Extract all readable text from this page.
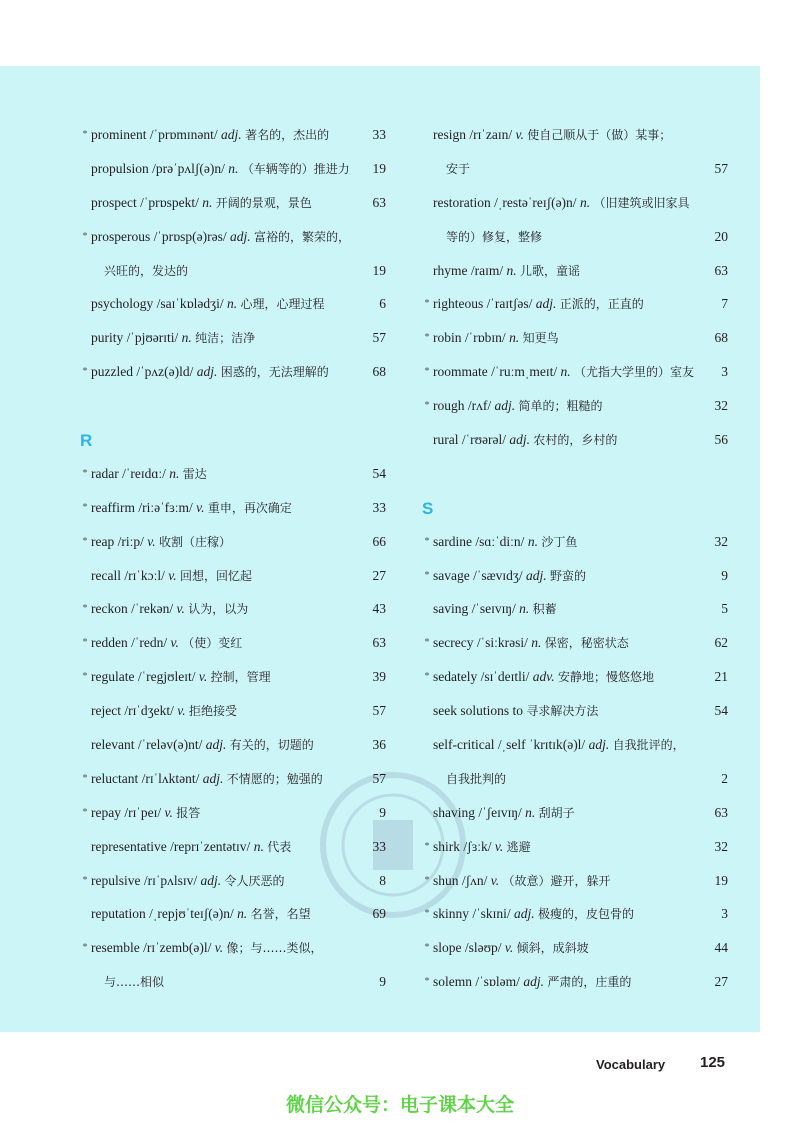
* prominent /ˈprɒmɪnənt/ adj. 著名的，杰出的	33
propulsion /prəˈpʌlʃ(ə)n/ n. （车辆等的）推进力	19
prospect /ˈprɒspekt/ n. 开阔的景观，景色	63
* prosperous /ˈprɒsp(ə)rəs/ adj. 富裕的，繁荣的，
兴旺的，发达的	19
psychology /saɪˈkɒlədʒi/ n. 心理，心理过程	6
purity /ˈpjʊərɪti/ n. 纯洁；洁净	57
* puzzled /ˈpʌz(ə)ld/ adj. 困惑的，无法理解的	68
R
* radar /ˈreɪdɑː/ n. 雷达	54
* reaffirm /riːəˈfɜːm/ v. 重申，再次确定	33
* reap /riːp/ v. 收割（庄稼）	66
recall /rɪˈkɔːl/ v. 回想，回忆起	27
* reckon /ˈrekən/ v. 认为，以为	43
* redden /ˈredn/ v. （使）变红	63
* regulate /ˈregjʊleɪt/ v. 控制，管理	39
reject /rɪˈdʒekt/ v. 拒绝接受	57
relevant /ˈreləv(ə)nt/ adj. 有关的，切题的	36
* reluctant /rɪˈlʌktənt/ adj. 不情愿的；勉强的	57
* repay /rɪˈpeɪ/ v. 报答	9
representative /reprɪˈzentətɪv/ n. 代表	33
* repulsive /rɪˈpʌlsɪv/ adj. 令人厌恶的	8
reputation /ˌrepjʊˈteɪʃ(ə)n/ n. 名誉，名望	69
* resemble /rɪˈzemb(ə)l/ v. 像；与……类似，
与……相似	9
resign /rɪˈzaɪn/ v. 使自己顺从于（做）某事；
安于	57
restoration /ˌrestəˈreɪʃ(ə)n/ n. （旧建筑或旧家具
等的）修复，整修	20
rhyme /raɪm/ n. 儿歌，童谣	63
* righteous /ˈraɪtʃəs/ adj. 正派的，正直的	7
* robin /ˈrɒbɪn/ n. 知更鸟	68
* roommate /ˈruːmˌmeɪt/ n. （尤指大学里的）室友	3
* rough /rʌf/ adj. 简单的；粗糙的	32
rural /ˈrʊərəl/ adj. 农村的，乡村的	56
S
* sardine /sɑːˈdiːn/ n. 沙丁鱼	32
* savage /ˈsævɪdʒ/ adj. 野蛮的	9
saving /ˈseɪvɪŋ/ n. 积蓄	5
* secrecy /ˈsiːkrəsi/ n. 保密，秘密状态	62
* sedately /sɪˈdeɪtli/ adv. 安静地；慢悠悠地	21
seek solutions to 寻求解决方法	54
self-critical /ˌself ˈkrɪtɪk(ə)l/ adj. 自我批评的，
自我批判的	2
shaving /ˈʃeɪvɪŋ/ n. 刮胡子	63
* shirk /ʃɜːk/ v. 逃避	32
* shun /ʃʌn/ v. （故意）避开，躲开	19
* skinny /ˈskɪni/ adj. 极瘦的，皮包骨的	3
* slope /sləʊp/ v. 倾斜，成斜坡	44
* solemn /ˈsɒləm/ adj. 严肃的，庄重的	27
Vocabulary 125
微信公众号：电子课本大全
